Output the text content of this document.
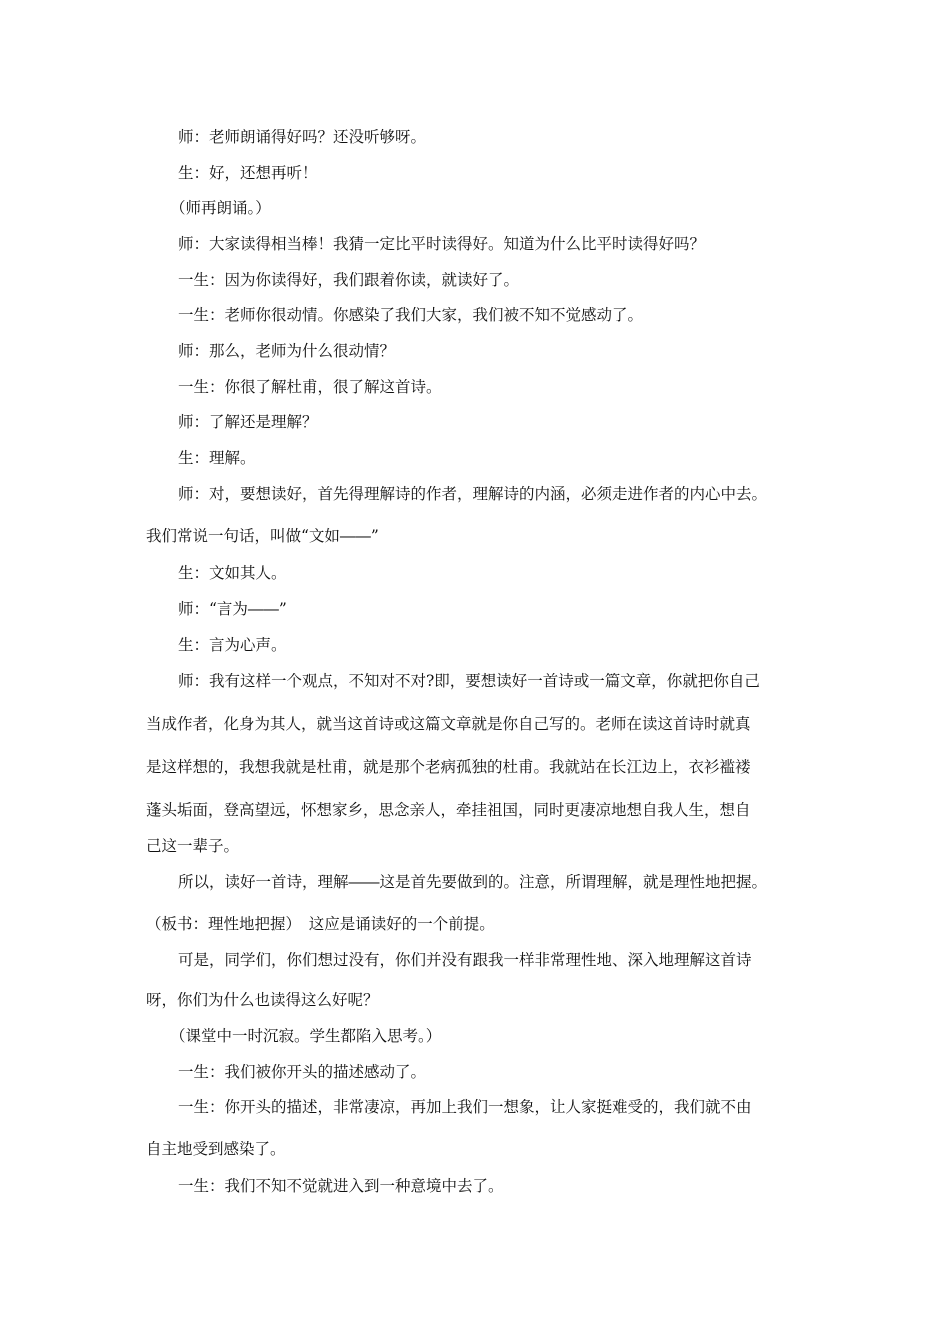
师：老师朗诵得好吗？还没听够呀。
生：好，还想再听！
（师再朗诵。）
师：大家读得相当棒！我猜一定比平时读得好。知道为什么比平时读得好吗？
一生：因为你读得好，我们跟着你读，就读好了。
一生：老师你很动情。你感染了我们大家，我们被不知不觉感动了。
师：那么，老师为什么很动情？
一生：你很了解杜甫，很了解这首诗。
师：了解还是理解？
生：理解。
师：对，要想读好，首先得理解诗的作者，理解诗的内涵，必须走进作者的内心中去。
我们常说一句话，叫做“文如――”
生：文如其人。
师：“言为――”
生：言为心声。
师：我有这样一个观点，不知对不对?即，要想读好一首诗或一篇文章，你就把你自己
当成作者，化身为其人，就当这首诗或这篇文章就是你自己写的。老师在读这首诗时就真
是这样想的，我想我就是杜甫，就是那个老病孤独的杜甫。我就站在长江边上，衣衫褴褛
蓬头垢面，登高望远，怀想家乡，思念亲人，牵挂祖国，同时更凄凉地想自我人生，想自
己这一辈子。
所以，读好一首诗，理解――这是首先要做到的。注意，所谓理解，就是理性地把握。
（板书：理性地把握）　这应是诵读好的一个前提。
可是，同学们，你们想过没有，你们并没有跟我一样非常理性地、深入地理解这首诗
呀，你们为什么也读得这么好呢？
（课堂中一时沉寂。学生都陷入思考。）
一生：我们被你开头的描述感动了。
一生：你开头的描述，非常凄凉，再加上我们一想象，让人家挺难受的，我们就不由
自主地受到感染了。
一生：我们不知不觉就进入到一种意境中去了。
